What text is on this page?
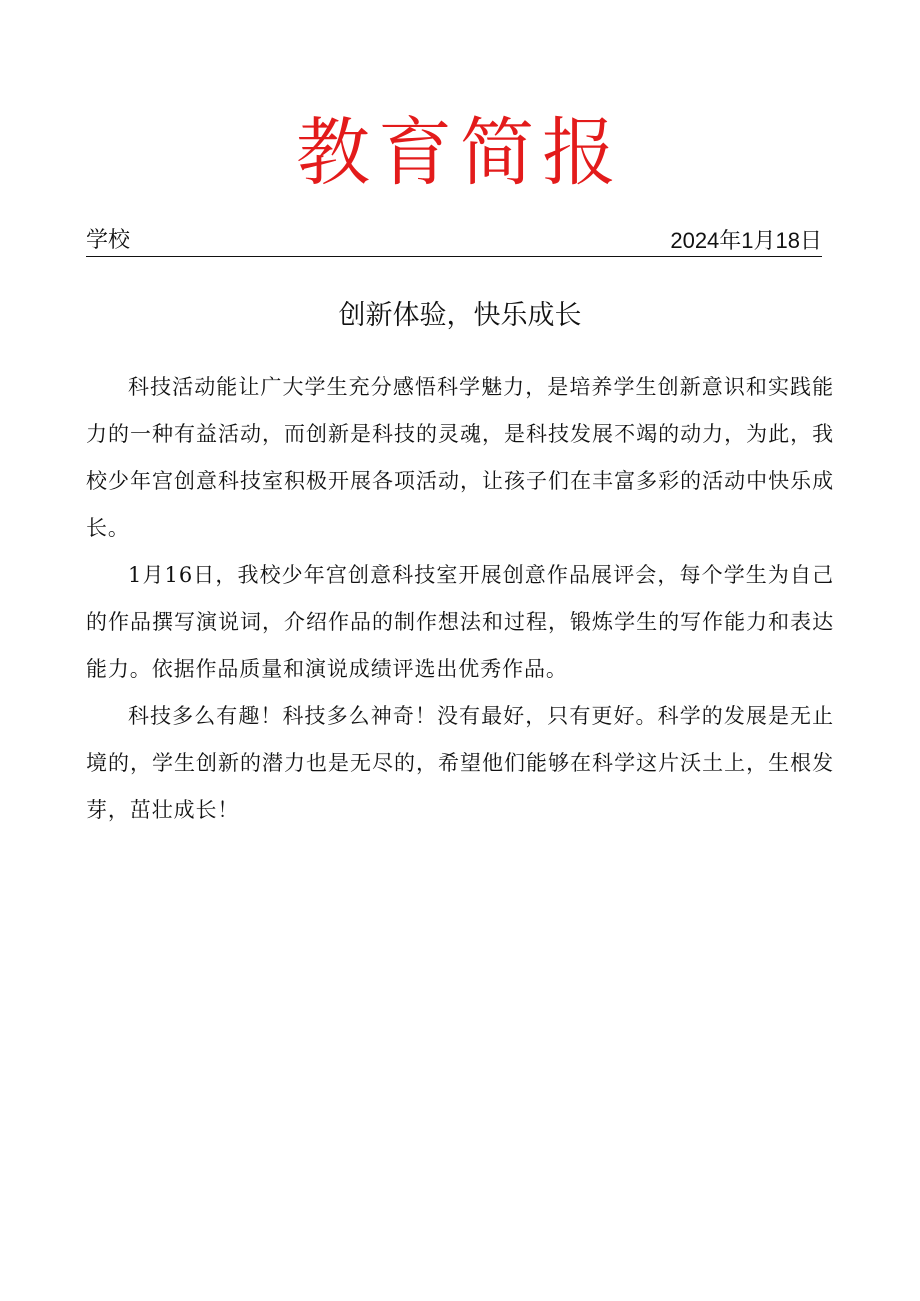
教育简报
学校	2024年1月18日
创新体验，快乐成长

科技活动能让广大学生充分感悟科学魅力，是培养学生创新意识和实践能力的一种有益活动，而创新是科技的灵魂，是科技发展不竭的动力，为此，我校少年宫创意科技室积极开展各项活动，让孩子们在丰富多彩的活动中快乐成长。

1月16日，我校少年宫创意科技室开展创意作品展评会，每个学生为自己的作品撰写演说词，介绍作品的制作想法和过程，锻炼学生的写作能力和表达能力。依据作品质量和演说成绩评选出优秀作品。

科技多么有趣！科技多么神奇！没有最好，只有更好。科学的发展是无止境的，学生创新的潜力也是无尽的，希望他们能够在科学这片沃土上，生根发芽，茁壮成长！
